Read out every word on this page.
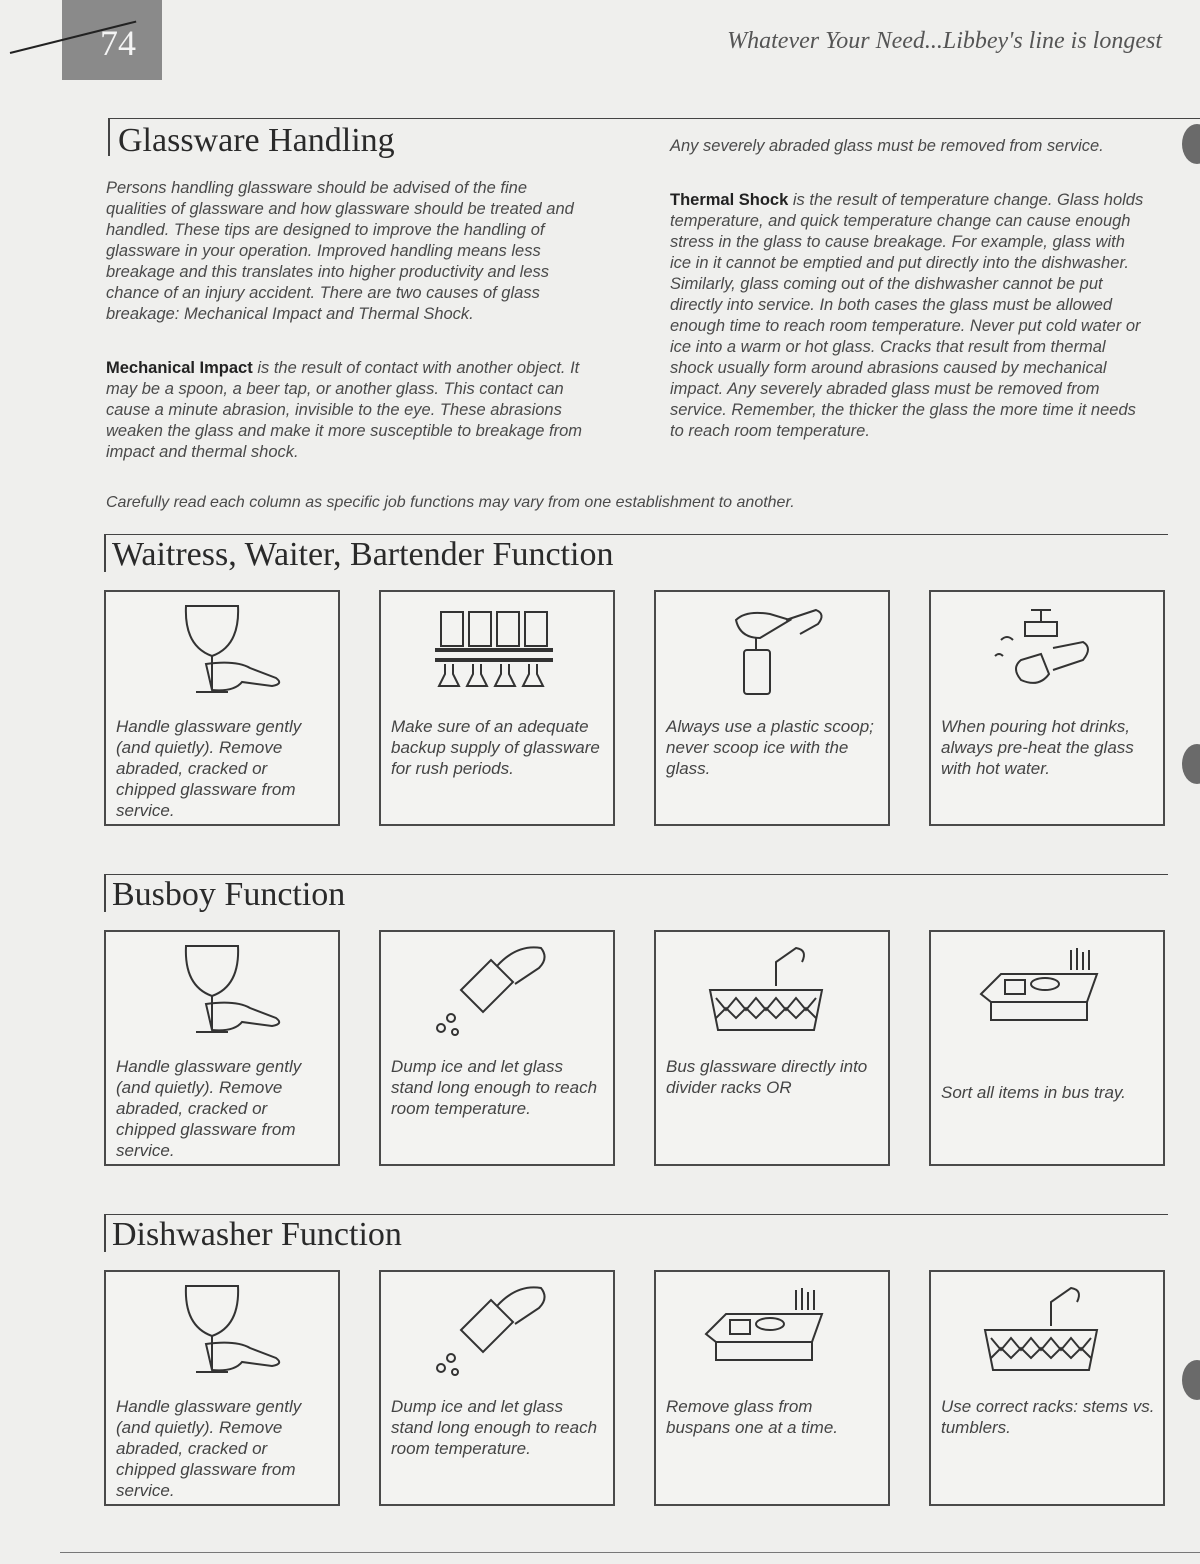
74	Whatever Your Need...Libbey's line is longest
Glassware Handling
Persons handling glassware should be advised of the fine qualities of glassware and how glassware should be treated and handled. These tips are designed to improve the handling of glassware in your operation. Improved handling means less breakage and this translates into higher productivity and less chance of an injury accident. There are two causes of glass breakage: Mechanical Impact and Thermal Shock.
Mechanical Impact is the result of contact with another object. It may be a spoon, a beer tap, or another glass. This contact can cause a minute abrasion, invisible to the eye. These abrasions weaken the glass and make it more susceptible to breakage from impact and thermal shock.
Any severely abraded glass must be removed from service.
Thermal Shock is the result of temperature change. Glass holds temperature, and quick temperature change can cause enough stress in the glass to cause breakage. For example, glass with ice in it cannot be emptied and put directly into the dishwasher. Similarly, glass coming out of the dishwasher cannot be put directly into service. In both cases the glass must be allowed enough time to reach room temperature. Never put cold water or ice into a warm or hot glass. Cracks that result from thermal shock usually form around abrasions caused by mechanical impact. Any severely abraded glass must be removed from service. Remember, the thicker the glass the more time it needs to reach room temperature.
Carefully read each column as specific job functions may vary from one establishment to another.
Waitress, Waiter, Bartender Function
Handle glassware gently (and quietly). Remove abraded, cracked or chipped glassware from service.
Make sure of an adequate backup supply of glassware for rush periods.
Always use a plastic scoop; never scoop ice with the glass.
When pouring hot drinks, always pre-heat the glass with hot water.
Busboy Function
Handle glassware gently (and quietly). Remove abraded, cracked or chipped glassware from service.
Dump ice and let glass stand long enough to reach room temperature.
Bus glassware directly into divider racks OR	Sort all items in bus tray.
Dishwasher Function
Handle glassware gently (and quietly). Remove abraded, cracked or chipped glassware from service.
Dump ice and let glass stand long enough to reach room temperature.
Remove glass from buspans one at a time.
Use correct racks: stems vs. tumblers.
